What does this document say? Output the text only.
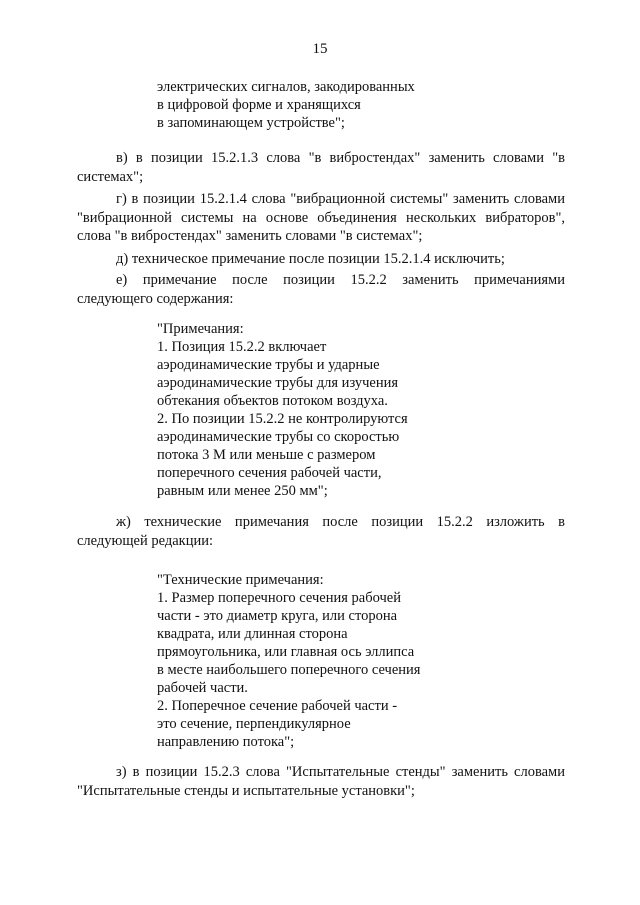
15
электрических сигналов, закодированных
в цифровой форме и хранящихся
в запоминающем устройстве";

в) в позиции 15.2.1.3 слова "в вибростендах" заменить словами "в системах";

г) в позиции 15.2.1.4 слова "вибрационной системы" заменить словами "вибрационной системы на основе объединения нескольких вибраторов", слова "в вибростендах" заменить словами "в системах";

д) техническое примечание после позиции 15.2.1.4 исключить;

е) примечание после позиции 15.2.2 заменить примечаниями следующего содержания:

"Примечания:
1. Позиция 15.2.2 включает
аэродинамические трубы и ударные
аэродинамические трубы для изучения
обтекания объектов потоком воздуха.
2. По позиции 15.2.2 не контролируются
аэродинамические трубы со скоростью
потока 3 М или меньше с размером
поперечного сечения рабочей части,
равным или менее 250 мм";

ж) технические примечания после позиции 15.2.2 изложить в следующей редакции:

"Технические примечания:
1. Размер поперечного сечения рабочей
части - это диаметр круга, или сторона
квадрата, или длинная сторона
прямоугольника, или главная ось эллипса
в месте наибольшего поперечного сечения
рабочей части.
2. Поперечное сечение рабочей части -
это сечение, перпендикулярное
направлению потока";

з) в позиции 15.2.3 слова "Испытательные стенды" заменить словами "Испытательные стенды и испытательные установки";
